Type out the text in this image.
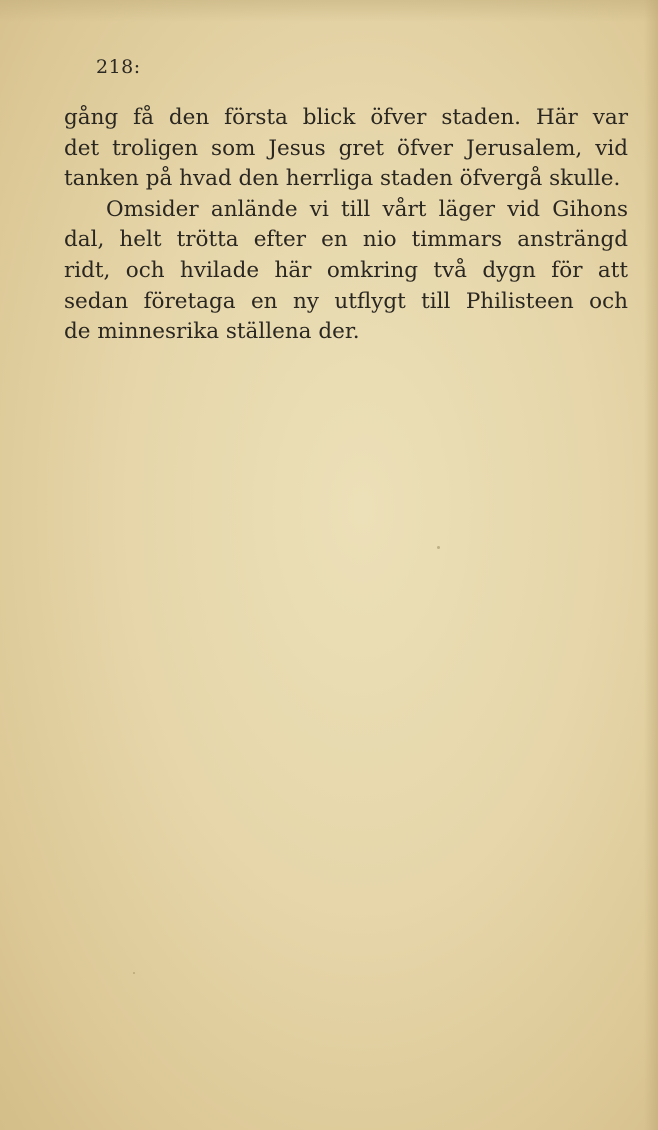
218:
gång få den första blick öfver staden. Här var
det troligen som Jesus gret öfver Jerusalem, vid
tanken på hvad den herrliga staden öfvergå skulle.
Omsider anlände vi till vårt läger vid Gihons
dal, helt trötta efter en nio timmars ansträngd
ridt, och hvilade här omkring två dygn för att
sedan företaga en ny utflygt till Philisteen och
de minnesrika ställena der.
